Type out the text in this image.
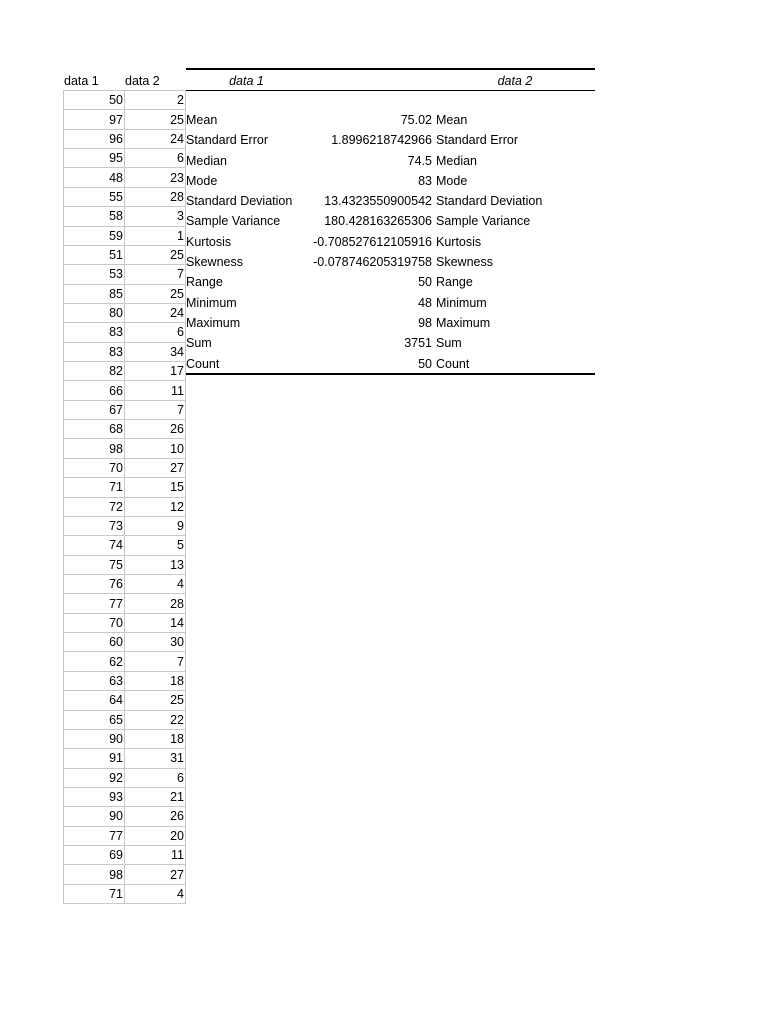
data 1 data 2	data 1	data 2
50	2
97	25
96	24
95	6
48	23
55	28
58	3
59	1
51	25
53	7
85	25
80	24
83	6
83	34
82	17
66	11
67	7
68	26
98	10
70	27
71	15
72	12
73	9
74	5
75	13
76	4
77	28
70	14
60	30
62	7
63	18
64	25
65	22
90	18
91	31
92	6
93	21
90	26
77	20
69	11
98	27
71	4
Mean	75.02 Mean
Standard Error	1.8996218742966 Standard Error
Median	74.5 Median
Mode	83 Mode
Standard Deviation	13.4323550900542 Standard Deviation
Sample Variance	180.428163265306 Sample Variance
Kurtosis	-0.708527612105916 Kurtosis
Skewness	-0.078746205319758 Skewness
Range	50 Range
Minimum	48 Minimum
Maximum	98 Maximum
Sum	3751 Sum
Count	50 Count
